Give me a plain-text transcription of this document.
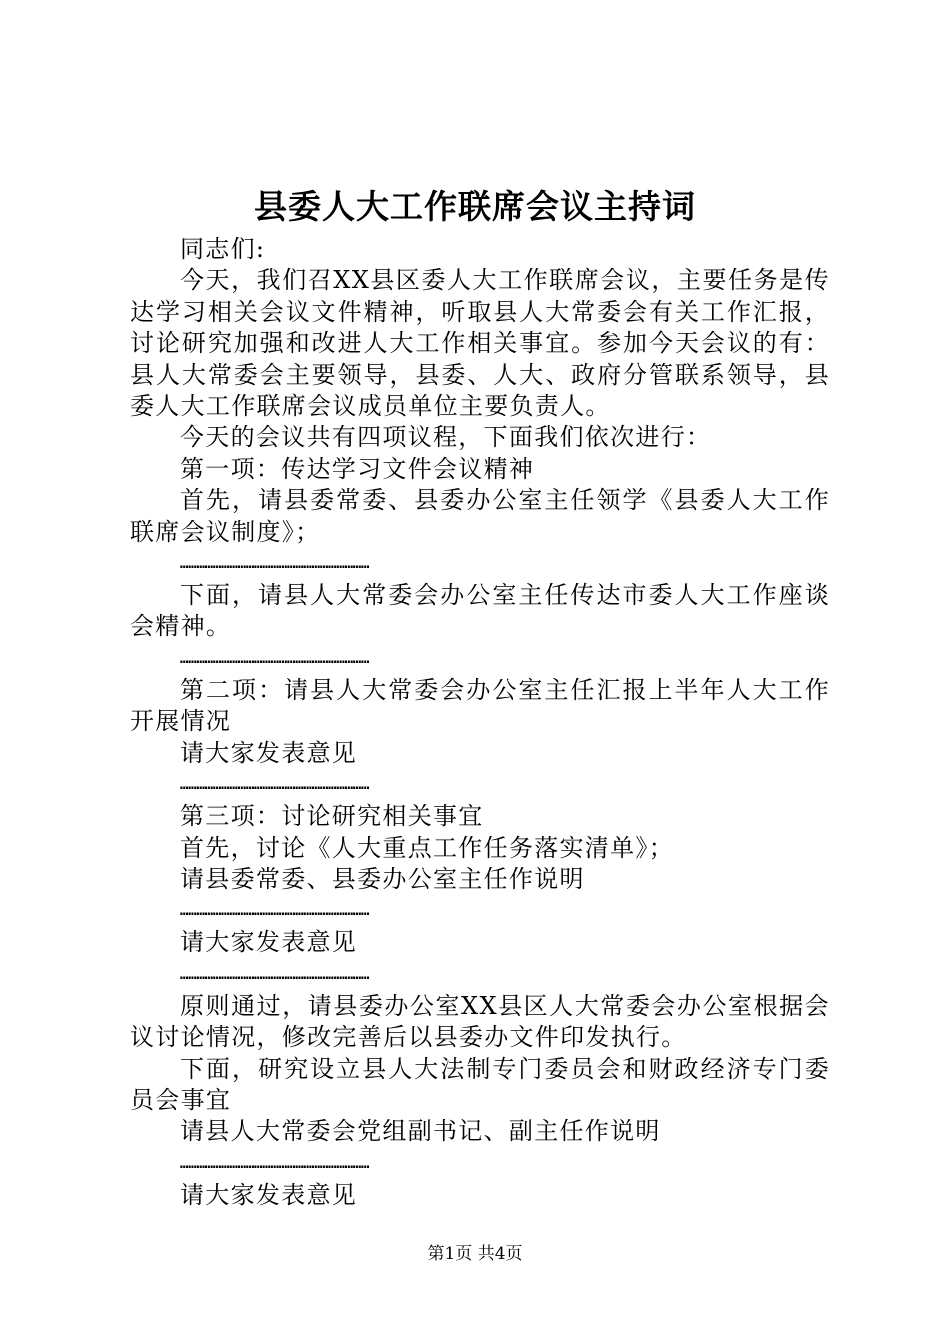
县委人大工作联席会议主持词

同志们:

今天，我们召XX县区委人大工作联席会议，主要任务是传达学习相关会议文件精神，听取县人大常委会有关工作汇报，讨论研究加强和改进人大工作相关事宜。参加今天会议的有：县人大常委会主要领导，县委、人大、政府分管联系领导，县委人大工作联席会议成员单位主要负责人。

今天的会议共有四项议程，下面我们依次进行：

第一项：传达学习文件会议精神

首先，请县委常委、县委办公室主任领学《县委人大工作联席会议制度》；

……………………………………………………………

下面，请县人大常委会办公室主任传达市委人大工作座谈会精神。

……………………………………………………………

第二项：请县人大常委会办公室主任汇报上半年人大工作开展情况

请大家发表意见

……………………………………………………………

第三项：讨论研究相关事宜

首先，讨论《人大重点工作任务落实清单》；

请县委常委、县委办公室主任作说明

……………………………………………………………

请大家发表意见

……………………………………………………………

原则通过，请县委办公室XX县区人大常委会办公室根据会议讨论情况，修改完善后以县委办文件印发执行。

下面，研究设立县人大法制专门委员会和财政经济专门委员会事宜

请县人大常委会党组副书记、副主任作说明

……………………………………………………………

请大家发表意见

第1页 共4页
